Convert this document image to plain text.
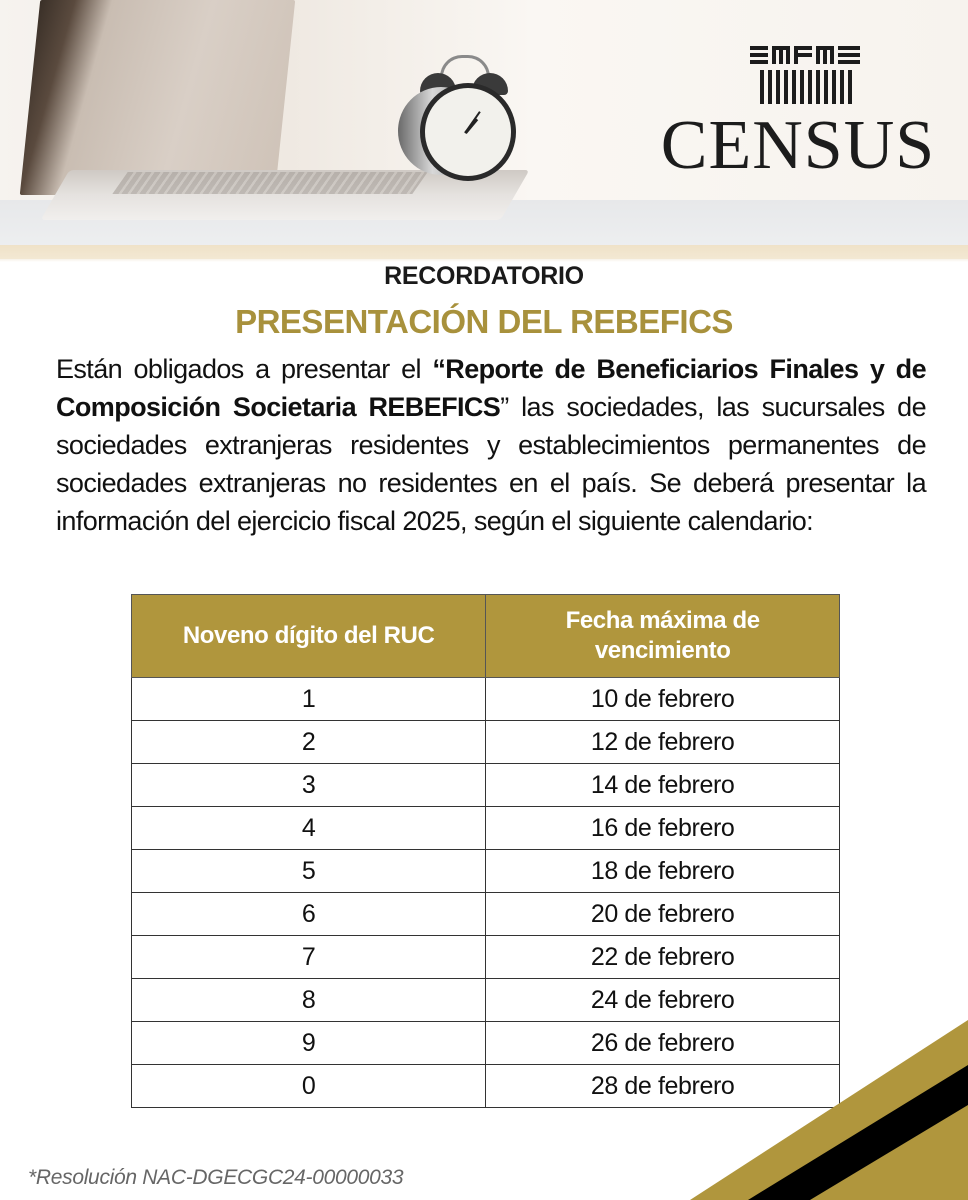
CENSUS
RECORDATORIO
PRESENTACIÓN DEL REBEFICS
Están obligados a presentar el “Reporte de Beneficiarios Finales y de Composición Societaria REBEFICS” las sociedades, las sucursales de sociedades extranjeras residentes y establecimientos permanentes de sociedades extranjeras no residentes en el país. Se deberá presentar la información del ejercicio fiscal 2025, según el siguiente calendario:
Noveno dígito del RUC	Fecha máxima de vencimiento
1	10 de febrero
2	12 de febrero
3	14 de febrero
4	16 de febrero
5	18 de febrero
6	20 de febrero
7	22 de febrero
8	24 de febrero
9	26 de febrero
0	28 de febrero
*Resolución NAC-DGECGC24-00000033
